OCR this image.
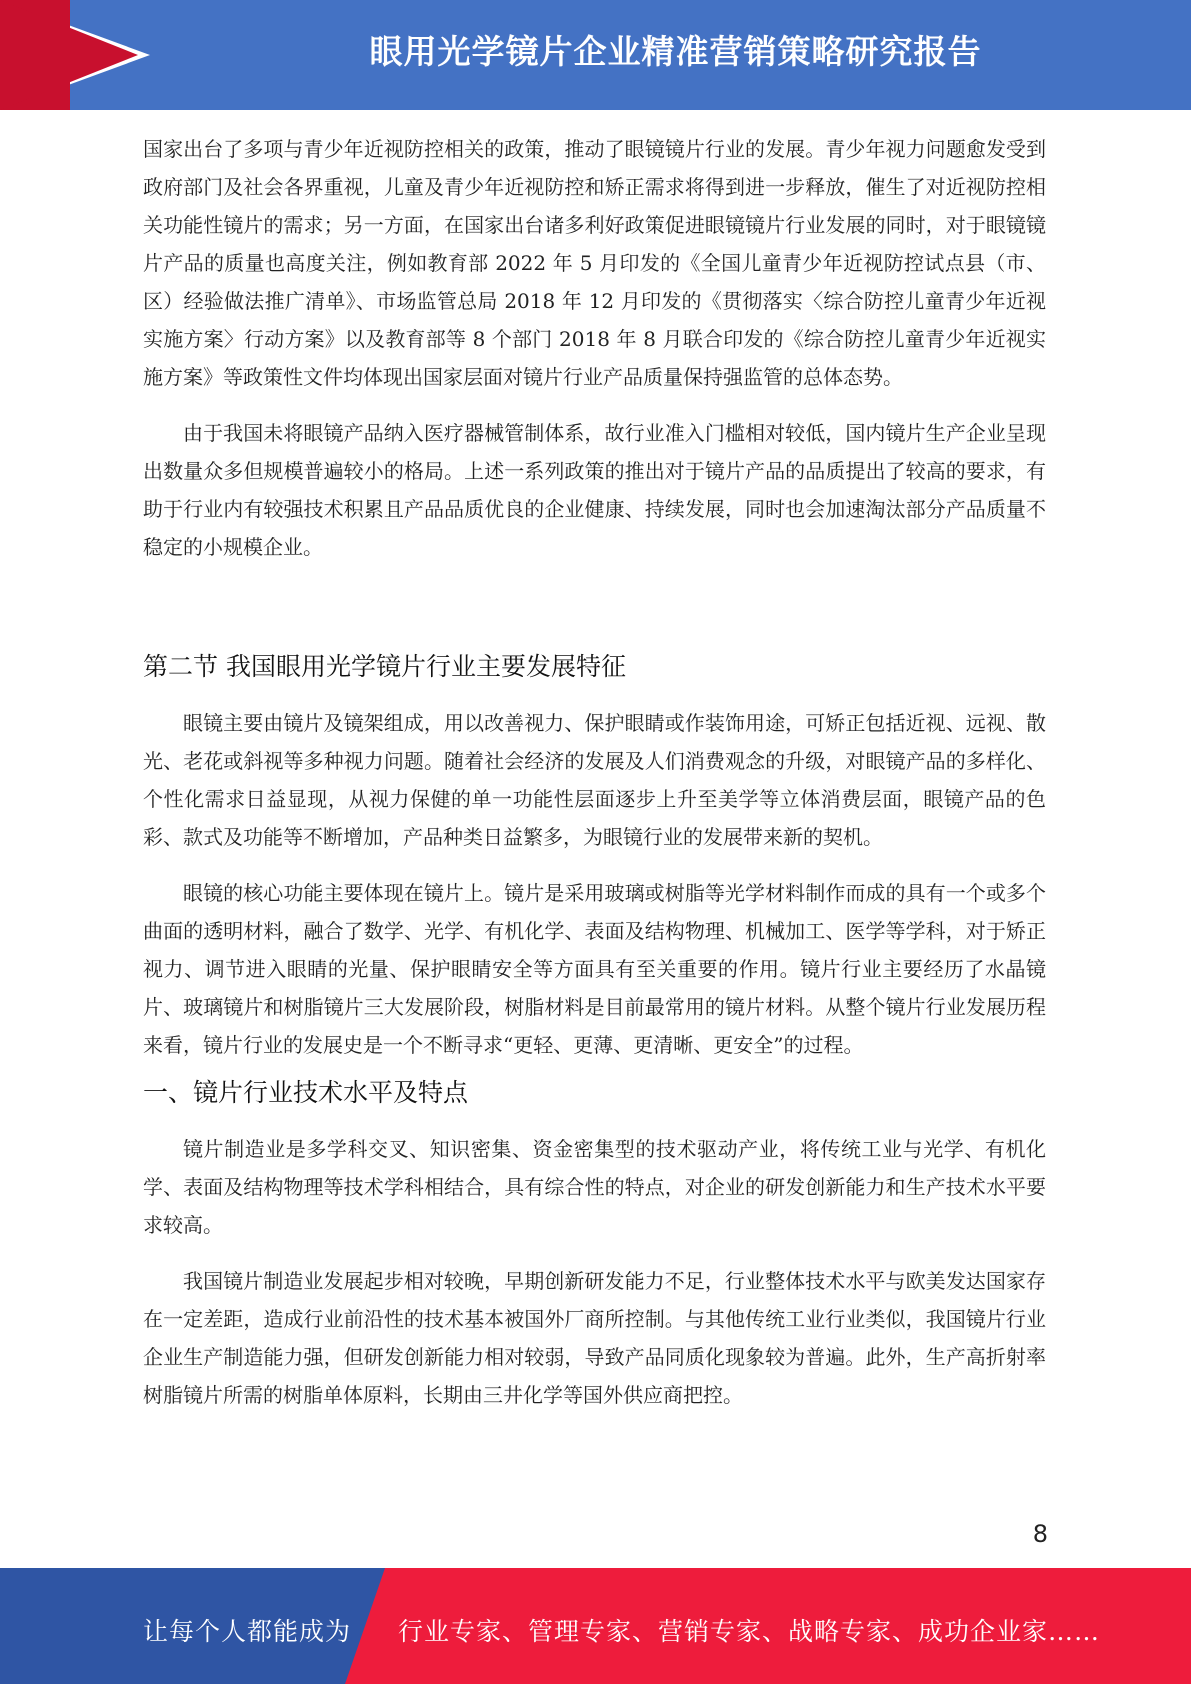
眼用光学镜片企业精准营销策略研究报告

国家出台了多项与青少年近视防控相关的政策，推动了眼镜镜片行业的发展。青少年视力问题愈发受到政府部门及社会各界重视，儿童及青少年近视防控和矫正需求将得到进一步释放，催生了对近视防控相关功能性镜片的需求；另一方面，在国家出台诸多利好政策促进眼镜镜片行业发展的同时，对于眼镜镜片产品的质量也高度关注，例如教育部 2022 年 5 月印发的《全国儿童青少年近视防控试点县（市、区）经验做法推广清单》、市场监管总局 2018 年 12 月印发的《贯彻落实〈综合防控儿童青少年近视实施方案〉行动方案》以及教育部等 8 个部门 2018 年 8 月联合印发的《综合防控儿童青少年近视实施方案》等政策性文件均体现出国家层面对镜片行业产品质量保持强监管的总体态势。

由于我国未将眼镜产品纳入医疗器械管制体系，故行业准入门槛相对较低，国内镜片生产企业呈现出数量众多但规模普遍较小的格局。上述一系列政策的推出对于镜片产品的品质提出了较高的要求，有助于行业内有较强技术积累且产品品质优良的企业健康、持续发展，同时也会加速淘汰部分产品质量不稳定的小规模企业。

第二节 我国眼用光学镜片行业主要发展特征

眼镜主要由镜片及镜架组成，用以改善视力、保护眼睛或作装饰用途，可矫正包括近视、远视、散光、老花或斜视等多种视力问题。随着社会经济的发展及人们消费观念的升级，对眼镜产品的多样化、个性化需求日益显现，从视力保健的单一功能性层面逐步上升至美学等立体消费层面，眼镜产品的色彩、款式及功能等不断增加，产品种类日益繁多，为眼镜行业的发展带来新的契机。

眼镜的核心功能主要体现在镜片上。镜片是采用玻璃或树脂等光学材料制作而成的具有一个或多个曲面的透明材料，融合了数学、光学、有机化学、表面及结构物理、机械加工、医学等学科，对于矫正视力、调节进入眼睛的光量、保护眼睛安全等方面具有至关重要的作用。镜片行业主要经历了水晶镜片、玻璃镜片和树脂镜片三大发展阶段，树脂材料是目前最常用的镜片材料。从整个镜片行业发展历程来看，镜片行业的发展史是一个不断寻求“更轻、更薄、更清晰、更安全”的过程。

一、镜片行业技术水平及特点

镜片制造业是多学科交叉、知识密集、资金密集型的技术驱动产业，将传统工业与光学、有机化学、表面及结构物理等技术学科相结合，具有综合性的特点，对企业的研发创新能力和生产技术水平要求较高。

我国镜片制造业发展起步相对较晚，早期创新研发能力不足，行业整体技术水平与欧美发达国家存在一定差距，造成行业前沿性的技术基本被国外厂商所控制。与其他传统工业行业类似，我国镜片行业企业生产制造能力强，但研发创新能力相对较弱，导致产品同质化现象较为普遍。此外，生产高折射率树脂镜片所需的树脂单体原料，长期由三井化学等国外供应商把控。

8
让每个人都能成为 行业专家、管理专家、营销专家、战略专家、成功企业家……
